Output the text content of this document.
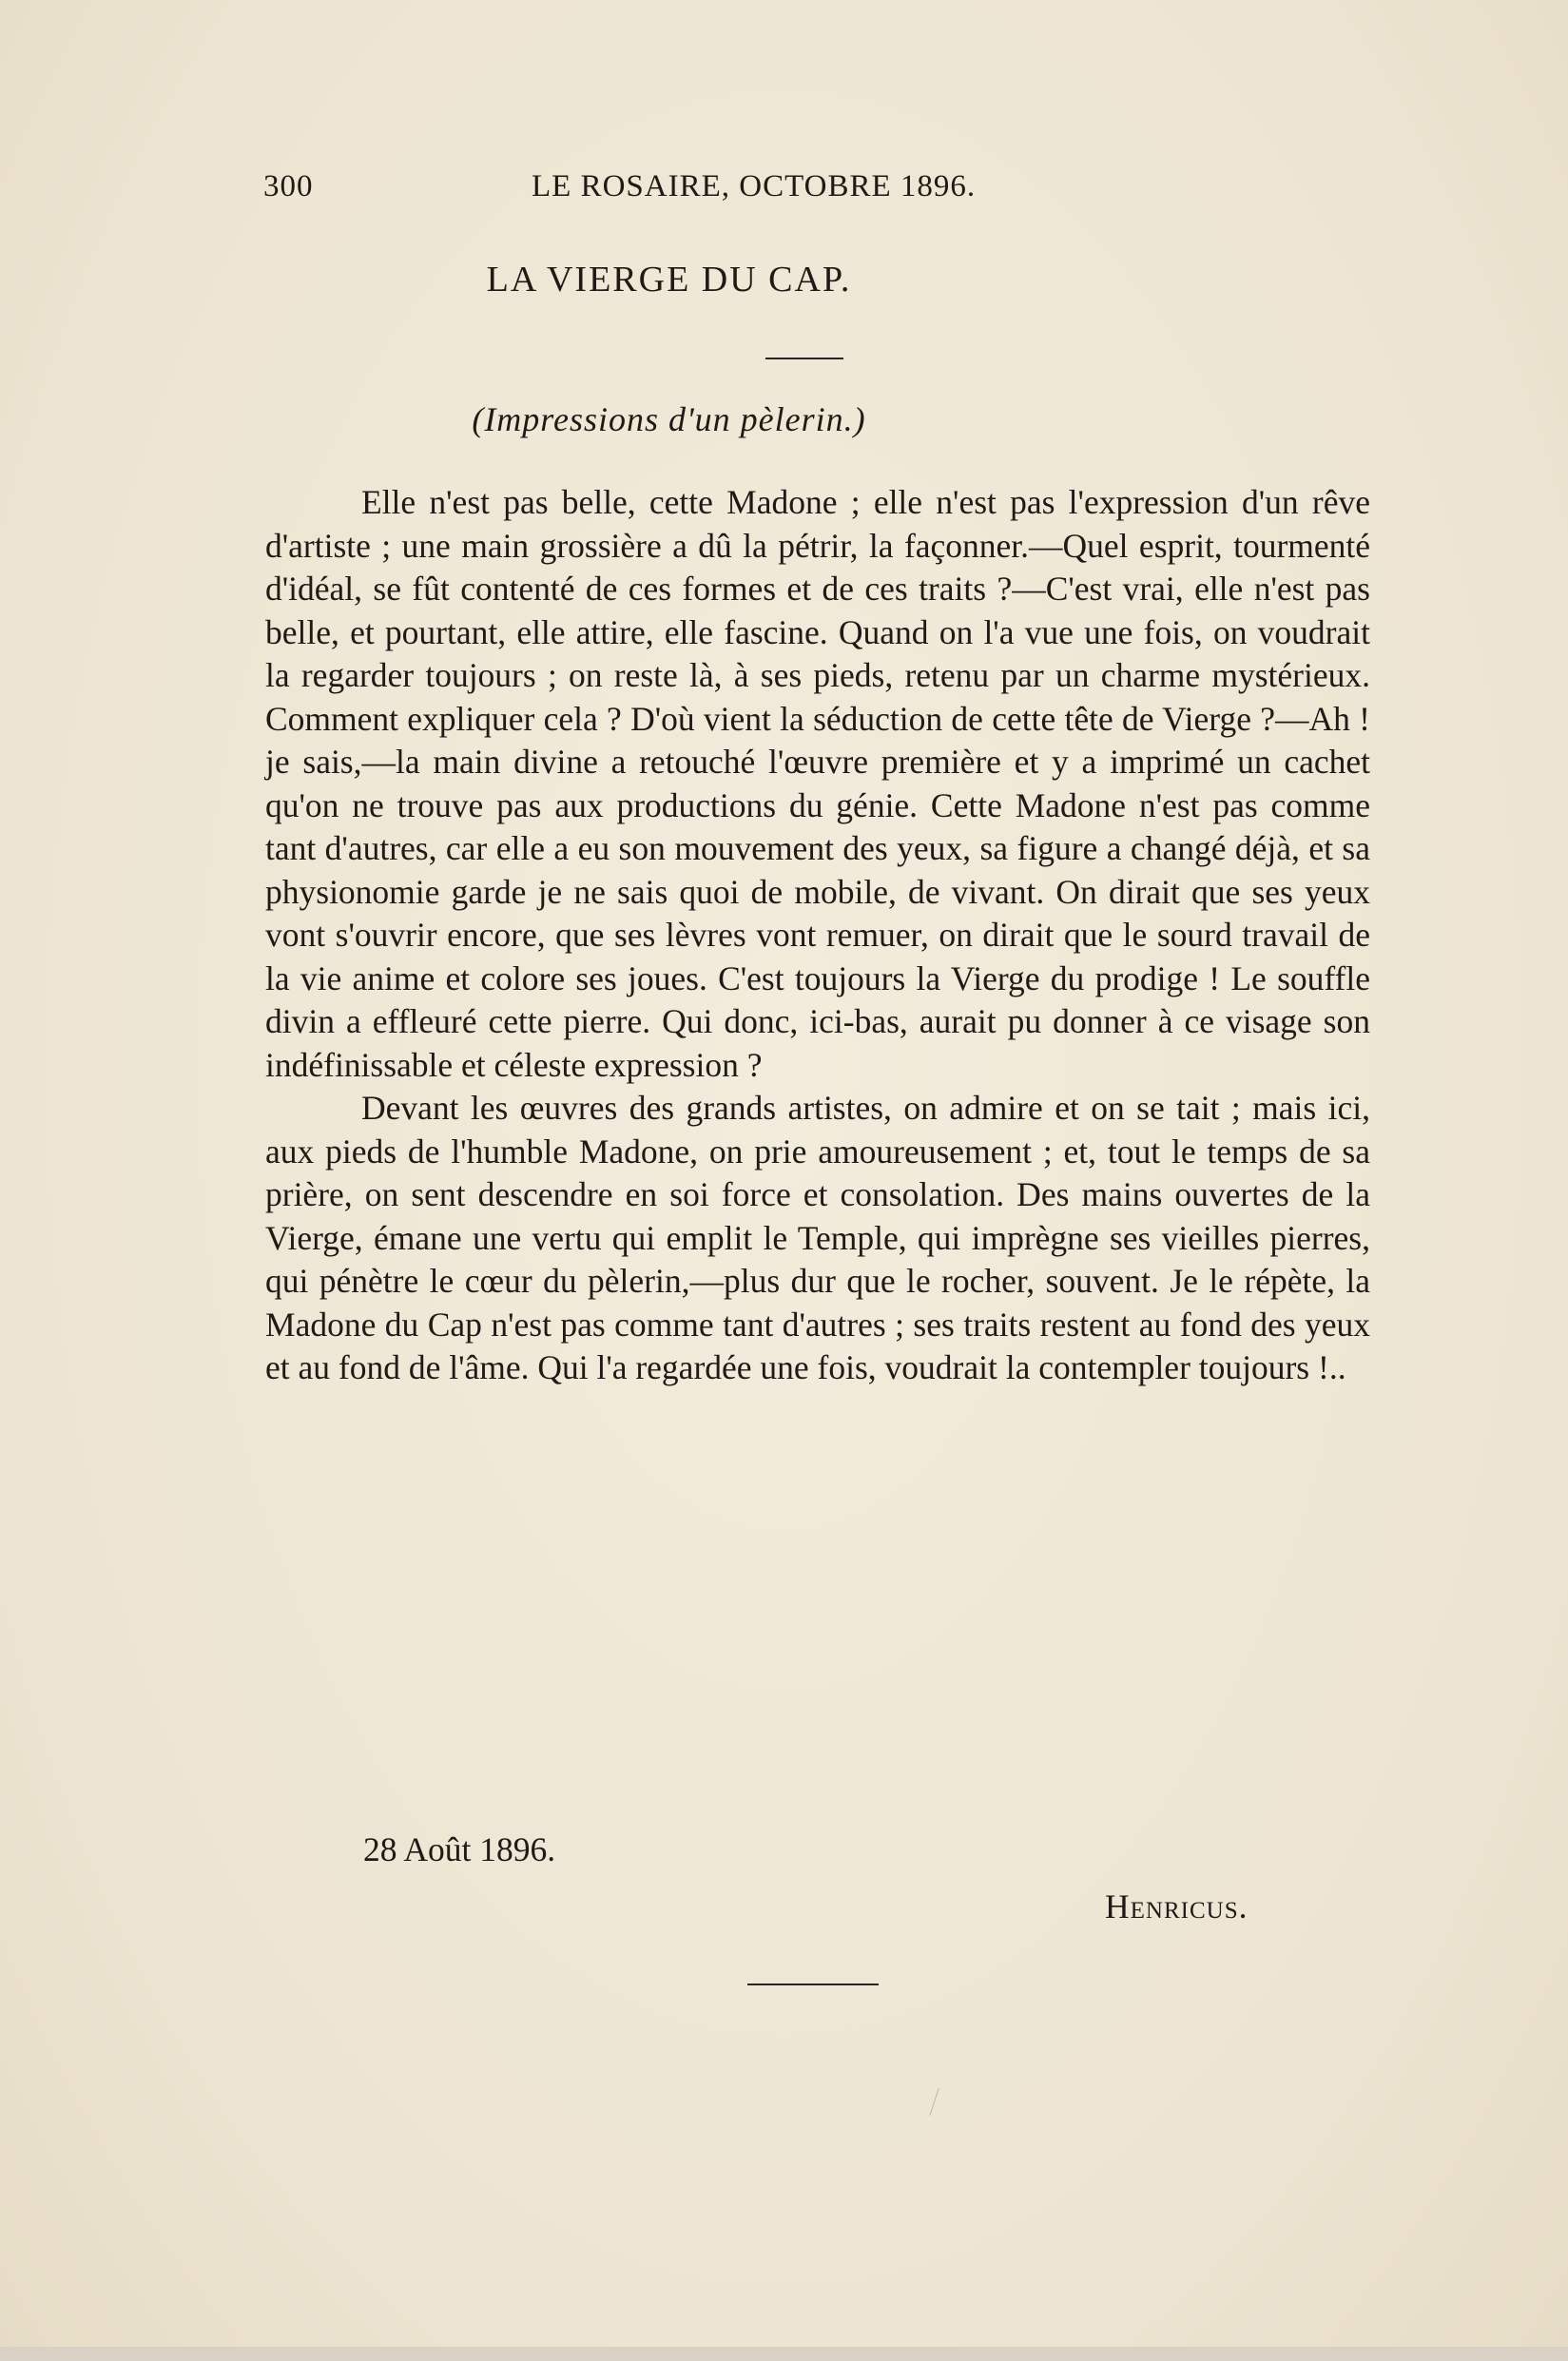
300	LE ROSAIRE, OCTOBRE 1896.
LA VIERGE DU CAP.
(Impressions d'un pèlerin.)

Elle n'est pas belle, cette Madone ; elle n'est pas l'expression d'un rêve d'artiste ; une main grossière a dû la pétrir, la façonner.—Quel esprit, tourmenté d'idéal, se fût contenté de ces formes et de ces traits ?—C'est vrai, elle n'est pas belle, et pourtant, elle attire, elle fascine. Quand on l'a vue une fois, on voudrait la regarder toujours ; on reste là, à ses pieds, retenu par un charme mystérieux. Comment expliquer cela ? D'où vient la séduction de cette tête de Vierge ?—Ah ! je sais,—la main divine a retouché l'œuvre première et y a imprimé un cachet qu'on ne trouve pas aux productions du génie. Cette Madone n'est pas comme tant d'autres, car elle a eu son mouvement des yeux, sa figure a changé déjà, et sa physionomie garde je ne sais quoi de mobile, de vivant. On dirait que ses yeux vont s'ouvrir encore, que ses lèvres vont remuer, on dirait que le sourd travail de la vie anime et colore ses joues. C'est toujours la Vierge du prodige ! Le souffle divin a effleuré cette pierre. Qui donc, ici-bas, aurait pu donner à ce visage son indéfinissable et céleste expression ?

Devant les œuvres des grands artistes, on admire et on se tait ; mais ici, aux pieds de l'humble Madone, on prie amoureusement ; et, tout le temps de sa prière, on sent descendre en soi force et consolation. Des mains ouvertes de la Vierge, émane une vertu qui emplit le Temple, qui imprègne ses vieilles pierres, qui pénètre le cœur du pèlerin,—plus dur que le rocher, souvent. Je le répète, la Madone du Cap n'est pas comme tant d'autres ; ses traits restent au fond des yeux et au fond de l'âme. Qui l'a regardée une fois, voudrait la contempler toujours !..

28 Août 1896.
Henricus.
